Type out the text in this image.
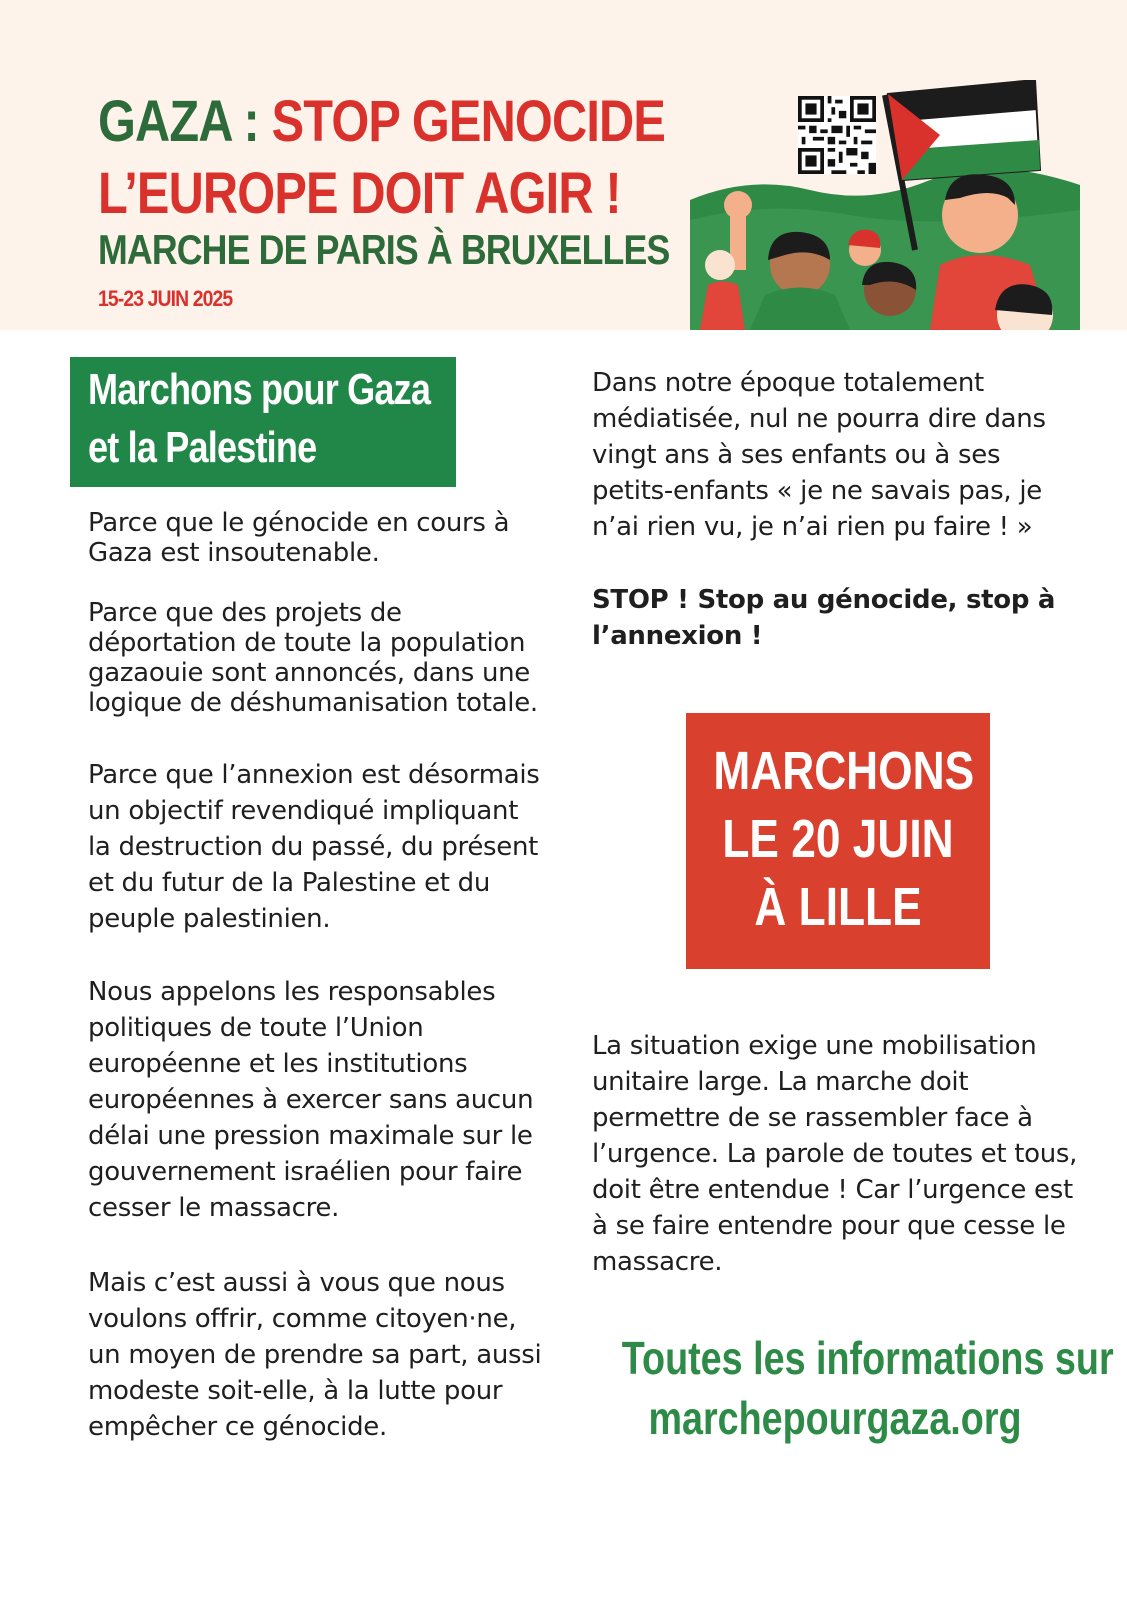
GAZA : STOP GENOCIDE
L’EUROPE DOIT AGIR !
MARCHE DE PARIS À BRUXELLES
15-23 JUIN 2025
Marchons pour Gaza
et la Palestine

Parce que le génocide en cours à Gaza est insoutenable.

Parce que des projets de déportation de toute la population gazaouie sont annoncés, dans une logique de déshumanisation totale.

Parce que l’annexion est désormais un objectif revendiqué impliquant la destruction du passé, du présent et du futur de la Palestine et du peuple palestinien.

Nous appelons les responsables politiques de toute l’Union européenne et les institutions européennes à exercer sans aucun délai une pression maximale sur le gouvernement israélien pour faire cesser le massacre.

Mais c’est aussi à vous que nous voulons offrir, comme citoyen·ne, un moyen de prendre sa part, aussi modeste soit-elle, à la lutte pour empêcher ce génocide.

Dans notre époque totalement médiatisée, nul ne pourra dire dans vingt ans à ses enfants ou à ses petits-enfants « je ne savais pas, je n’ai rien vu, je n’ai rien pu faire ! »

STOP ! Stop au génocide, stop à l’annexion !

MARCHONS
LE 20 JUIN
À LILLE

La situation exige une mobilisation unitaire large. La marche doit permettre de se rassembler face à l’urgence. La parole de toutes et tous, doit être entendue ! Car l’urgence est à se faire entendre pour que cesse le massacre.

Toutes les informations sur
marchepourgaza.org
